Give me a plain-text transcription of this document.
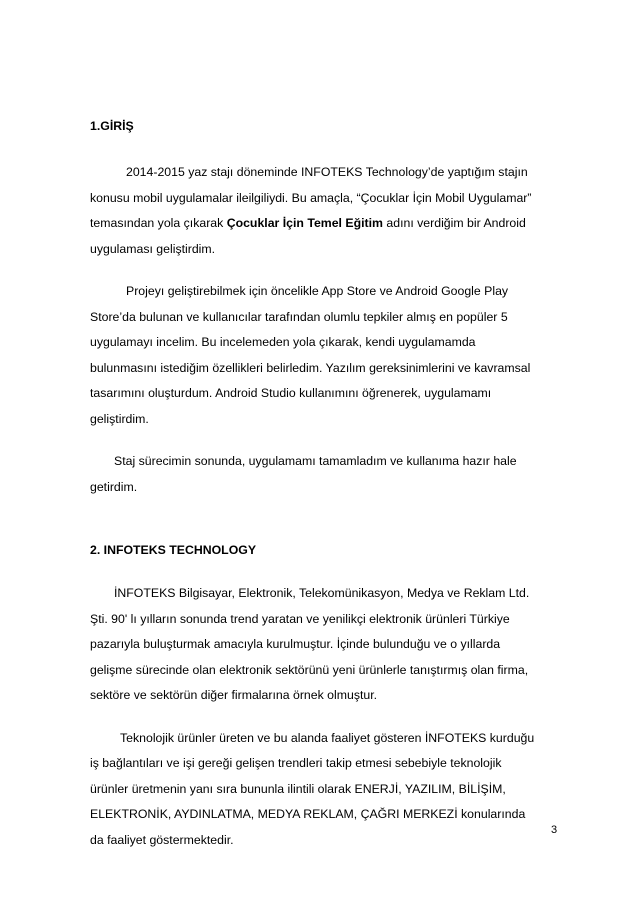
1.GİRİŞ

2014-2015 yaz stajı döneminde INFOTEKS Technology’de yaptığım stajın
konusu mobil uygulamalar ileilgiliydi. Bu amaçla, “Çocuklar İçin Mobil Uygulamar”
temasından yola çıkarak Çocuklar İçin Temel Eğitim adını verdiğim bir Android
uygulaması geliştirdim.

Projeyı geliştirebilmek için öncelikle App Store ve Android Google Play
Store’da bulunan ve kullanıcılar tarafından olumlu tepkiler almış en popüler 5
uygulamayı incelim. Bu incelemeden yola çıkarak, kendi uygulamamda
bulunmasını istediğim özellikleri belirledim. Yazılım gereksinimlerini ve kavramsal
tasarımını oluşturdum. Android Studio kullanımını öğrenerek, uygulamamı
geliştirdim.

Staj sürecimin sonunda, uygulamamı tamamladım ve kullanıma hazır hale
getirdim.

2. INFOTEKS TECHNOLOGY

İNFOTEKS Bilgisayar, Elektronik, Telekomünikasyon, Medya ve Reklam Ltd.
Şti. 90' lı yılların sonunda trend yaratan ve yenilikçi elektronik ürünleri Türkiye
pazarıyla buluşturmak amacıyla kurulmuştur. İçinde bulunduğu ve o yıllarda
gelişme sürecinde olan elektronik sektörünü yeni ürünlerle tanıştırmış olan firma,
sektöre ve sektörün diğer firmalarına örnek olmuştur.

Teknolojik ürünler üreten ve bu alanda faaliyet gösteren İNFOTEKS kurduğu
iş bağlantıları ve işi gereği gelişen trendleri takip etmesi sebebiyle teknolojik
ürünler üretmenin yanı sıra bununla ilintili olarak ENERJİ, YAZILIM, BİLİŞİM,
ELEKTRONİK, AYDINLATMA, MEDYA REKLAM, ÇAĞRI MERKEZİ konularında
da faaliyet göstermektedir.

3
